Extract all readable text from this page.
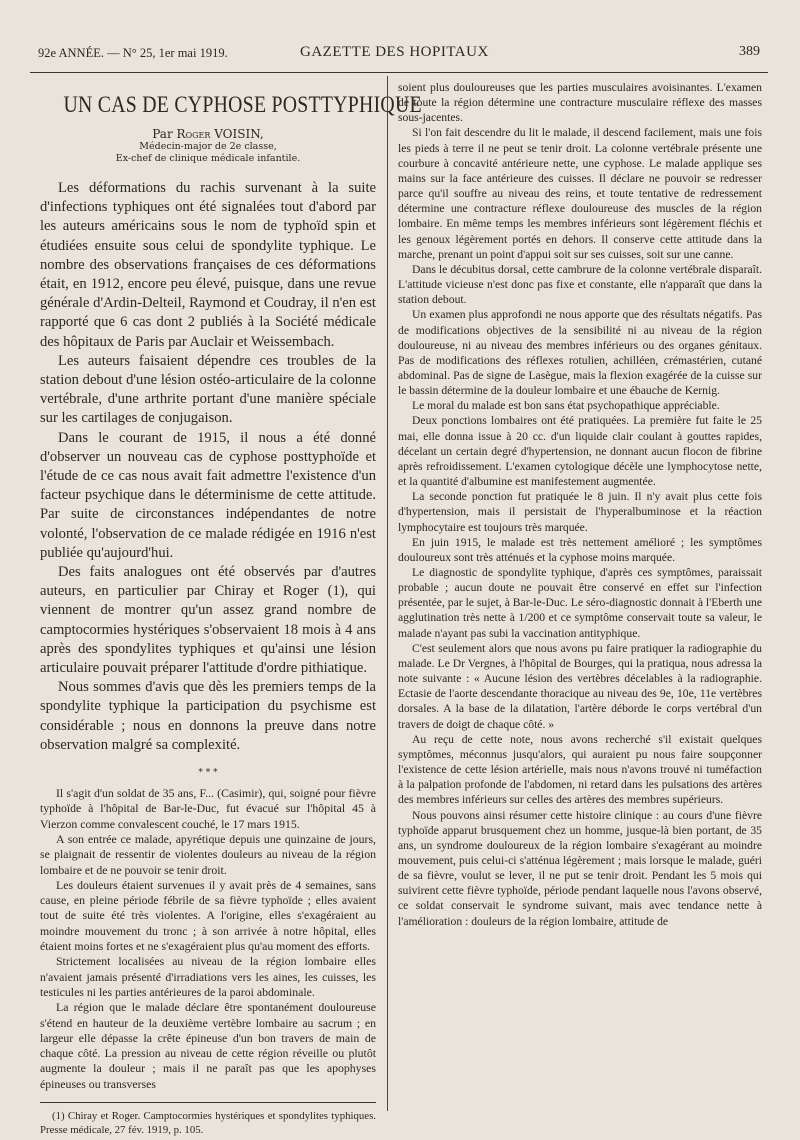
92e ANNÉE. — N° 25, 1er mai 1919.	GAZETTE DES HOPITAUX	389
UN CAS DE CYPHOSE POSTTYPHIQUE
Par Roger VOISIN,
Médecin-major de 2e classe,
Ex-chef de clinique médicale infantile.

Les déformations du rachis survenant à la suite d'infections typhiques ont été signalées tout d'abord par les auteurs américains sous le nom de typhoïd spin et étudiées ensuite sous celui de spondylite typhique. Le nombre des observations françaises de ces déformations était, en 1912, encore peu élevé, puisque, dans une revue générale d'Ardin-Delteil, Raymond et Coudray, il n'en est rapporté que 6 cas dont 2 publiés à la Société médicale des hôpitaux de Paris par Auclair et Weissembach.

Les auteurs faisaient dépendre ces troubles de la station debout d'une lésion ostéo-articulaire de la colonne vertébrale, d'une arthrite portant d'une manière spéciale sur les cartilages de conjugaison.

Dans le courant de 1915, il nous a été donné d'observer un nouveau cas de cyphose posttyphoïde et l'étude de ce cas nous avait fait admettre l'existence d'un facteur psychique dans le déterminisme de cette attitude. Par suite de circonstances indépendantes de notre volonté, l'observation de ce malade rédigée en 1916 n'est publiée qu'aujourd'hui.

Des faits analogues ont été observés par d'autres auteurs, en particulier par Chiray et Roger (1), qui viennent de montrer qu'un assez grand nombre de camptocormies hystériques s'observaient 18 mois à 4 ans après des spondylites typhiques et qu'ainsi une lésion articulaire pouvait préparer l'attitude d'ordre pithiatique.

Nous sommes d'avis que dès les premiers temps de la spondylite typhique la participation du psychisme est considérable ; nous en donnons la preuve dans notre observation malgré sa complexité.

* * *

Il s'agit d'un soldat de 35 ans, F... (Casimir), qui, soigné pour fièvre typhoïde à l'hôpital de Bar-le-Duc, fut évacué sur l'hôpital 45 à Vierzon comme convalescent couché, le 17 mars 1915.

A son entrée ce malade, apyrétique depuis une quinzaine de jours, se plaignait de ressentir de violentes douleurs au niveau de la région lombaire et de ne pouvoir se tenir droit.

Les douleurs étaient survenues il y avait près de 4 semaines, sans cause, en pleine période fébrile de sa fièvre typhoïde ; elles avaient tout de suite été très violentes. A l'origine, elles s'exagéraient au moindre mouvement du tronc ; à son arrivée à notre hôpital, elles étaient moins fortes et ne s'exagéraient plus qu'au moment des efforts.

Strictement localisées au niveau de la région lombaire elles n'avaient jamais présenté d'irradiations vers les aines, les cuisses, les testicules ni les parties antérieures de la paroi abdominale.

La région que le malade déclare être spontanément douloureuse s'étend en hauteur de la deuxième vertèbre lombaire au sacrum ; en largeur elle dépasse la crête épineuse d'un bon travers de main de chaque côté. La pression au niveau de cette région réveille ou plutôt augmente la douleur ; mais il ne paraît pas que les apophyses épineuses ou transverses

(1) Chiray et Roger. Camptocormies hystériques et spondylites typhiques. Presse médicale, 27 fév. 1919, p. 105.

soient plus douloureuses que les parties musculaires avoisinantes. L'examen de toute la région détermine une contracture musculaire réflexe des masses sous-jacentes.

Si l'on fait descendre du lit le malade, il descend facilement, mais une fois les pieds à terre il ne peut se tenir droit. La colonne vertébrale présente une courbure à concavité antérieure nette, une cyphose. Le malade applique ses mains sur la face antérieure des cuisses. Il déclare ne pouvoir se redresser parce qu'il souffre au niveau des reins, et toute tentative de redressement détermine une contracture réflexe douloureuse des muscles de la région lombaire. En même temps les membres inférieurs sont légèrement fléchis et les genoux légèrement portés en dehors. Il conserve cette attitude dans la marche, prenant un point d'appui soit sur ses cuisses, soit sur une canne.

Dans le décubitus dorsal, cette cambrure de la colonne vertébrale disparaît. L'attitude vicieuse n'est donc pas fixe et constante, elle n'apparaît que dans la station debout.

Un examen plus approfondi ne nous apporte que des résultats négatifs. Pas de modifications objectives de la sensibilité ni au niveau de la région douloureuse, ni au niveau des membres inférieurs ou des organes génitaux. Pas de modifications des réflexes rotulien, achilléen, crémastérien, cutané abdominal. Pas de signe de Lasègue, mais la flexion exagérée de la cuisse sur le bassin détermine de la douleur lombaire et une ébauche de Kernig.

Le moral du malade est bon sans état psychopathique appréciable.

Deux ponctions lombaires ont été pratiquées. La première fut faite le 25 mai, elle donna issue à 20 cc. d'un liquide clair coulant à gouttes rapides, décelant un certain degré d'hypertension, ne donnant aucun flocon de fibrine après refroidissement. L'examen cytologique décèle une lymphocytose nette, et la quantité d'albumine est manifestement augmentée.

La seconde ponction fut pratiquée le 8 juin. Il n'y avait plus cette fois d'hypertension, mais il persistait de l'hyperalbuminose et la réaction lymphocytaire est toujours très marquée.

En juin 1915, le malade est très nettement amélioré ; les symptômes douloureux sont très atténués et la cyphose moins marquée.

Le diagnostic de spondylite typhique, d'après ces symptômes, paraissait probable ; aucun doute ne pouvait être conservé en effet sur l'infection présentée, par le sujet, à Bar-le-Duc. Le séro-diagnostic donnait à l'Eberth une agglutination très nette à 1/200 et ce symptôme conservait toute sa valeur, le malade n'ayant pas subi la vaccination antityphique.

C'est seulement alors que nous avons pu faire pratiquer la radiographie du malade. Le Dr Vergnes, à l'hôpital de Bourges, qui la pratiqua, nous adressa la note suivante : « Aucune lésion des vertèbres décelables à la radiographie. Ectasie de l'aorte descendante thoracique au niveau des 9e, 10e, 11e vertèbres dorsales. A la base de la dilatation, l'artère déborde le corps vertébral d'un travers de doigt de chaque côté. »

Au reçu de cette note, nous avons recherché s'il existait quelques symptômes, méconnus jusqu'alors, qui auraient pu nous faire soupçonner l'existence de cette lésion artérielle, mais nous n'avons trouvé ni tuméfaction à la palpation profonde de l'abdomen, ni retard dans les pulsations des artères des membres inférieurs sur celles des artères des membres supérieurs.

Nous pouvons ainsi résumer cette histoire clinique : au cours d'une fièvre typhoïde apparut brusquement chez un homme, jusque-là bien portant, de 35 ans, un syndrome douloureux de la région lombaire s'exagérant au moindre mouvement, puis celui-ci s'atténua légèrement ; mais lorsque le malade, guéri de sa fièvre, voulut se lever, il ne put se tenir droit. Pendant les 5 mois qui suivirent cette fièvre typhoïde, période pendant laquelle nous l'avons observé, ce soldat conservait le syndrome suivant, mais avec tendance nette à l'amélioration : douleurs de la région lombaire, attitude de
